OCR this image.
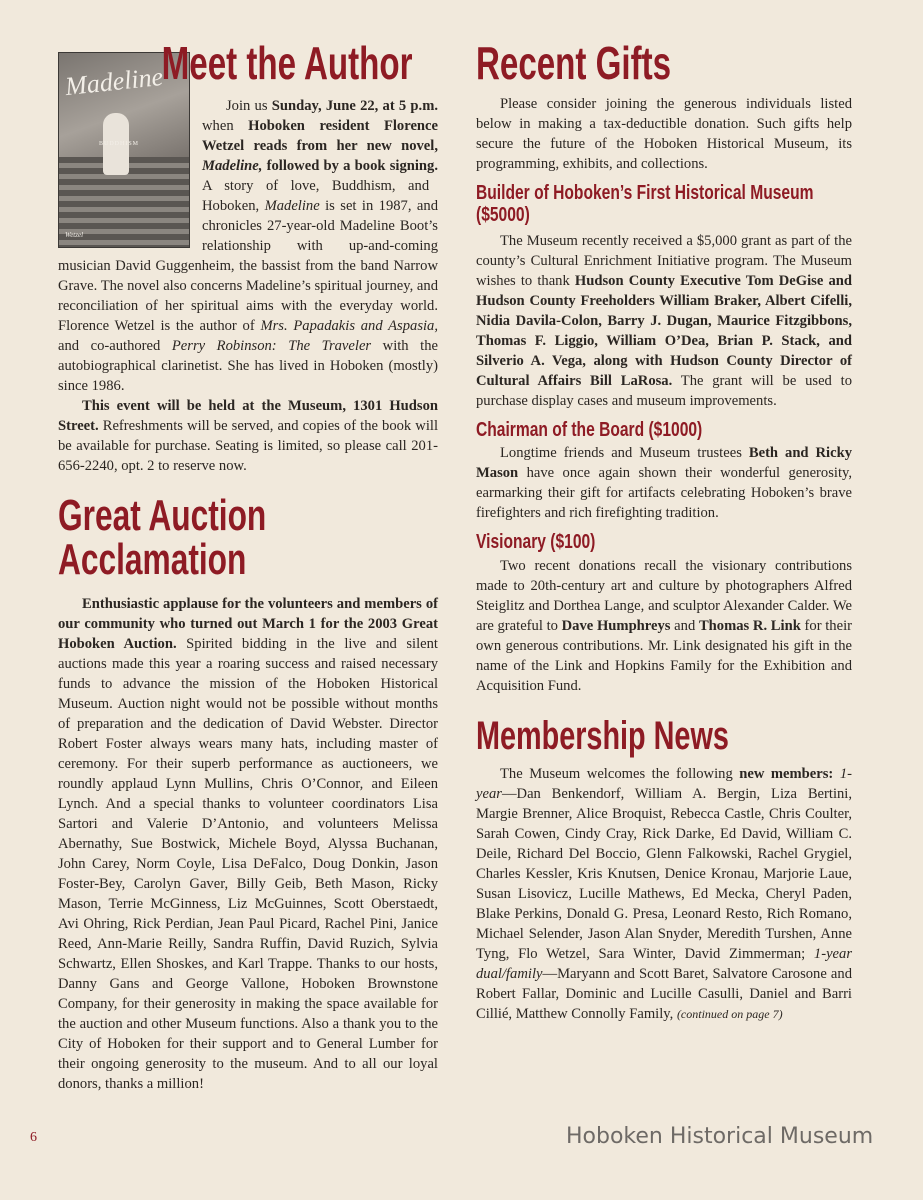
Madeline
BUDDHISM
Wetzel
Meet the Author

Join us Sunday, June 22, at 5 p.m. when Hoboken resident Florence Wetzel reads from her new novel, Madeline, followed by a book signing. A story of love, Buddhism, and Hoboken, Madeline is set in 1987, and chronicles 27-year-old Madeline Boot’s relationship with up-and-coming musician David Guggenheim, the bassist from the band Narrow Grave. The novel also concerns Madeline’s spiritual journey, and reconciliation of her spiritual aims with the everyday world. Florence Wetzel is the author of Mrs. Papadakis and Aspasia, and co-authored Perry Robinson: The Traveler with the autobiographical clarinetist. She has lived in Hoboken (mostly) since 1986.

This event will be held at the Museum, 1301 Hudson Street. Refreshments will be served, and copies of the book will be available for purchase. Seating is limited, so please call 201-656-2240, opt. 2 to reserve now.

Great Auction Acclamation

Enthusiastic applause for the volunteers and members of our community who turned out March 1 for the 2003 Great Hoboken Auction. Spirited bidding in the live and silent auctions made this year a roaring success and raised necessary funds to advance the mission of the Hoboken Historical Museum. Auction night would not be possible without months of preparation and the dedication of David Webster. Director Robert Foster always wears many hats, including master of ceremony. For their superb performance as auctioneers, we roundly applaud Lynn Mullins, Chris O’Connor, and Eileen Lynch. And a special thanks to volunteer coordinators Lisa Sartori and Valerie D’Antonio, and volunteers Melissa Abernathy, Sue Bostwick, Michele Boyd, Alyssa Buchanan, John Carey, Norm Coyle, Lisa DeFalco, Doug Donkin, Jason Foster-Bey, Carolyn Gaver, Billy Geib, Beth Mason, Ricky Mason, Terrie McGinness, Liz McGuinnes, Scott Oberstaedt, Avi Ohring, Rick Perdian, Jean Paul Picard, Rachel Pini, Janice Reed, Ann-Marie Reilly, Sandra Ruffin, David Ruzich, Sylvia Schwartz, Ellen Shoskes, and Karl Trappe. Thanks to our hosts, Danny Gans and George Vallone, Hoboken Brownstone Company, for their generosity in making the space available for the auction and other Museum functions. Also a thank you to the City of Hoboken for their support and to General Lumber for their ongoing generosity to the museum. And to all our loyal donors, thanks a million!

Recent Gifts

Please consider joining the generous individuals listed below in making a tax-deductible donation. Such gifts help secure the future of the Hoboken Historical Museum, its programming, exhibits, and collections.

Builder of Hoboken’s First Historical Museum ($5000)

The Museum recently received a $5,000 grant as part of the county’s Cultural Enrichment Initiative program. The Museum wishes to thank Hudson County Executive Tom DeGise and Hudson County Freeholders William Braker, Albert Cifelli, Nidia Davila-Colon, Barry J. Dugan, Maurice Fitzgibbons, Thomas F. Liggio, William O’Dea, Brian P. Stack, and Silverio A. Vega, along with Hudson County Director of Cultural Affairs Bill LaRosa. The grant will be used to purchase display cases and museum improvements.

Chairman of the Board ($1000)

Longtime friends and Museum trustees Beth and Ricky Mason have once again shown their wonderful generosity, earmarking their gift for artifacts celebrating Hoboken’s brave firefighters and rich firefighting tradition.

Visionary ($100)

Two recent donations recall the visionary contributions made to 20th-century art and culture by photographers Alfred Steiglitz and Dorthea Lange, and sculptor Alexander Calder. We are grateful to Dave Humphreys and Thomas R. Link for their own generous contributions. Mr. Link designated his gift in the name of the Link and Hopkins Family for the Exhibition and Acquisition Fund.

Membership News

The Museum welcomes the following new members: 1-year—Dan Benkendorf, William A. Bergin, Liza Bertini, Margie Brenner, Alice Broquist, Rebecca Castle, Chris Coulter, Sarah Cowen, Cindy Cray, Rick Darke, Ed David, William C. Deile, Richard Del Boccio, Glenn Falkowski, Rachel Grygiel, Charles Kessler, Kris Knutsen, Denice Kronau, Marjorie Laue, Susan Lisovicz, Lucille Mathews, Ed Mecka, Cheryl Paden, Blake Perkins, Donald G. Presa, Leonard Resto, Rich Romano, Michael Selender, Jason Alan Snyder, Meredith Turshen, Anne Tyng, Flo Wetzel, Sara Winter, David Zimmerman; 1-year dual/family—Maryann and Scott Baret, Salvatore Carosone and Robert Fallar, Dominic and Lucille Casulli, Daniel and Barri Cillié, Matthew Connolly Family, (continued on page 7)

6	Hoboken Historical Museum
